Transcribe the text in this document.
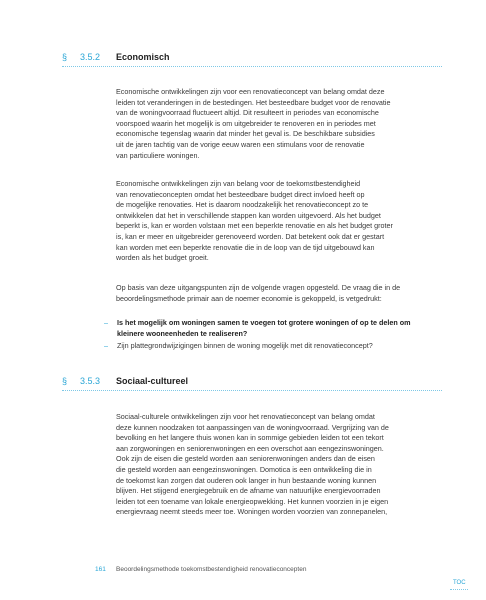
§	3.5.2	Economisch
Economische ontwikkelingen zijn voor een renovatieconcept van belang omdat deze
leiden tot veranderingen in de bestedingen. Het besteedbare budget voor de renovatie
van de woningvoorraad fluctueert altijd. Dit resulteert in periodes van economische
voorspoed waarin het mogelijk is om uitgebreider te renoveren en in periodes met
economische tegenslag waarin dat minder het geval is. De beschikbare subsidies
uit de jaren tachtig van de vorige eeuw waren een stimulans voor de renovatie
van particuliere woningen.
Economische ontwikkelingen zijn van belang voor de toekomstbestendigheid
van renovatieconcepten omdat het besteedbare budget direct invloed heeft op
de mogelijke renovaties. Het is daarom noodzakelijk het renovatieconcept zo te
ontwikkelen dat het in verschillende stappen kan worden uitgevoerd. Als het budget
beperkt is, kan er worden volstaan met een beperkte renovatie en als het budget groter
is, kan er meer en uitgebreider gerenoveerd worden. Dat betekent ook dat er gestart
kan worden met een beperkte renovatie die in de loop van de tijd uitgebouwd kan
worden als het budget groeit.
Op basis van deze uitgangspunten zijn de volgende vragen opgesteld. De vraag die in de
beoordelingsmethode primair aan de noemer economie is gekoppeld, is vetgedrukt:
– Is het mogelijk om woningen samen te voegen tot grotere woningen of op te delen om
kleinere wooneenheden te realiseren?
– Zijn plattegrondwijzigingen binnen de woning mogelijk met dit renovatieconcept?
§	3.5.3	Sociaal-cultureel
Sociaal-culturele ontwikkelingen zijn voor het renovatieconcept van belang omdat
deze kunnen noodzaken tot aanpassingen van de woningvoorraad. Vergrijzing van de
bevolking en het langere thuis wonen kan in sommige gebieden leiden tot een tekort
aan zorgwoningen en seniorenwoningen en een overschot aan eengezinswoningen.
Ook zijn de eisen die gesteld worden aan seniorenwoningen anders dan de eisen
die gesteld worden aan eengezinswoningen. Domotica is een ontwikkeling die in
de toekomst kan zorgen dat ouderen ook langer in hun bestaande woning kunnen
blijven. Het stijgend energiegebruik en de afname van natuurlijke energievoorraden
leiden tot een toename van lokale energieopwekking. Het kunnen voorzien in je eigen
energievraag neemt steeds meer toe. Woningen worden voorzien van zonnepanelen,
161 Beoordelingsmethode toekomstbestendigheid renovatieconcepten
TOC
